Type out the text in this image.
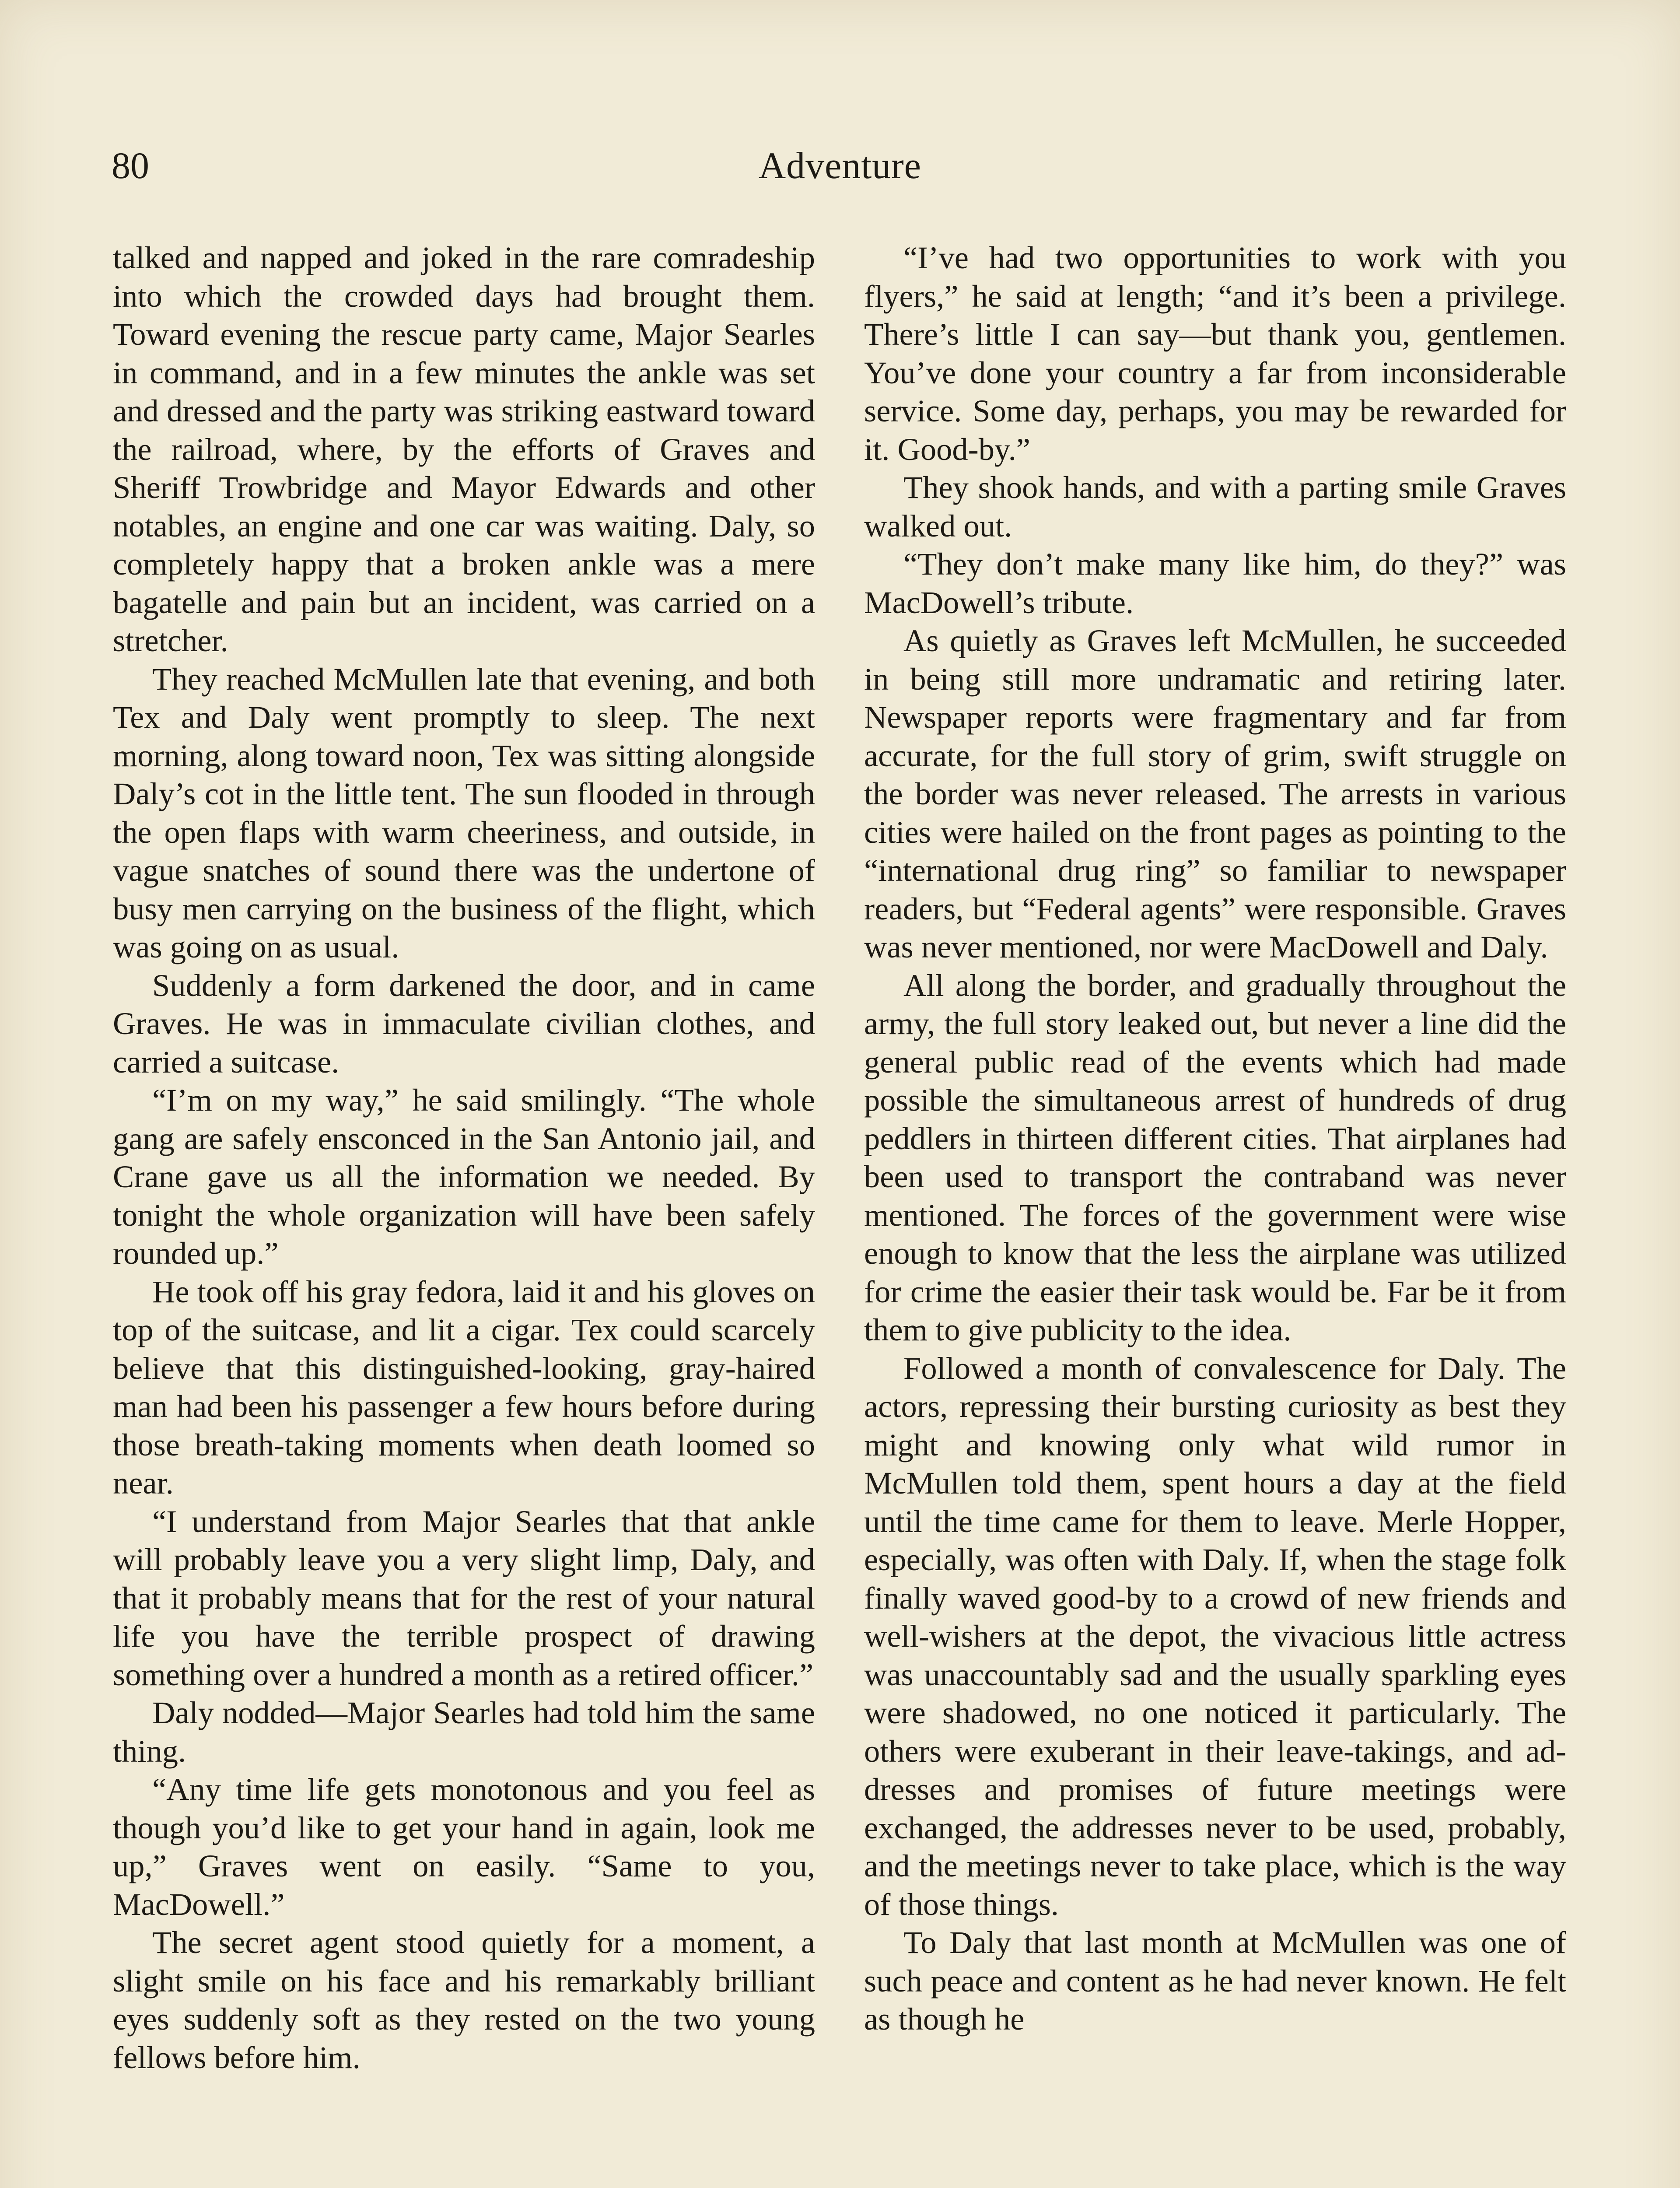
80	Adventure

talked and napped and joked in the rare comradeship into which the crowded days had brought them. Toward evening the rescue party came, Major Searles in command, and in a few minutes the ankle was set and dressed and the party was striking eastward toward the railroad, where, by the efforts of Graves and Sheriff Trowbridge and Mayor Edwards and other notables, an engine and one car was waiting. Daly, so completely happy that a broken ankle was a mere bagatelle and pain but an incident, was carried on a stretcher.

They reached McMullen late that evening, and both Tex and Daly went promptly to sleep. The next morning, along toward noon, Tex was sitting alongside Daly’s cot in the little tent. The sun flooded in through the open flaps with warm cheeriness, and outside, in vague snatches of sound there was the undertone of busy men carrying on the business of the flight, which was going on as usual.

Suddenly a form darkened the door, and in came Graves. He was in immaculate civilian clothes, and carried a suitcase.

“I’m on my way,” he said smilingly. “The whole gang are safely ensconced in the San Antonio jail, and Crane gave us all the information we needed. By tonight the whole organization will have been safely rounded up.”

He took off his gray fedora, laid it and his gloves on top of the suitcase, and lit a cigar. Tex could scarcely believe that this distinguished-looking, gray-haired man had been his passenger a few hours before during those breath-taking moments when death loomed so near.

“I understand from Major Searles that that ankle will probably leave you a very slight limp, Daly, and that it probably means that for the rest of your natural life you have the terrible prospect of drawing something over a hundred a month as a retired officer.”

Daly nodded—Major Searles had told him the same thing.

“Any time life gets monotonous and you feel as though you’d like to get your hand in again, look me up,” Graves went on easily. “Same to you, MacDowell.”

The secret agent stood quietly for a moment, a slight smile on his face and his remarkably brilliant eyes suddenly soft as they rested on the two young fellows before him.

“I’ve had two opportunities to work with you flyers,” he said at length; “and it’s been a privilege. There’s little I can say—but thank you, gentlemen. You’ve done your country a far from inconsiderable service. Some day, perhaps, you may be rewarded for it. Good-by.”

They shook hands, and with a parting smile Graves walked out.

“They don’t make many like him, do they?” was MacDowell’s tribute.

As quietly as Graves left McMullen, he succeeded in being still more undramatic and retiring later. Newspaper reports were fragmentary and far from accurate, for the full story of grim, swift struggle on the border was never released. The arrests in various cities were hailed on the front pages as pointing to the “international drug ring” so familiar to newspaper readers, but “Federal agents” were responsible. Graves was never mentioned, nor were MacDowell and Daly.

All along the border, and gradually throughout the army, the full story leaked out, but never a line did the general public read of the events which had made possible the simultaneous arrest of hundreds of drug peddlers in thirteen different cities. That airplanes had been used to transport the contraband was never mentioned. The forces of the government were wise enough to know that the less the airplane was utilized for crime the easier their task would be. Far be it from them to give publicity to the idea.

Followed a month of convalescence for Daly. The actors, repressing their bursting curiosity as best they might and knowing only what wild rumor in McMullen told them, spent hours a day at the field until the time came for them to leave. Merle Hopper, especially, was often with Daly. If, when the stage folk finally waved good-by to a crowd of new friends and well-wishers at the depot, the vivacious little actress was unaccountably sad and the usually sparkling eyes were shadowed, no one noticed it particularly. The others were exuberant in their leave-takings, and addresses and promises of future meetings were exchanged, the addresses never to be used, probably, and the meetings never to take place, which is the way of those things.

To Daly that last month at McMullen was one of such peace and content as he had never known. He felt as though he
